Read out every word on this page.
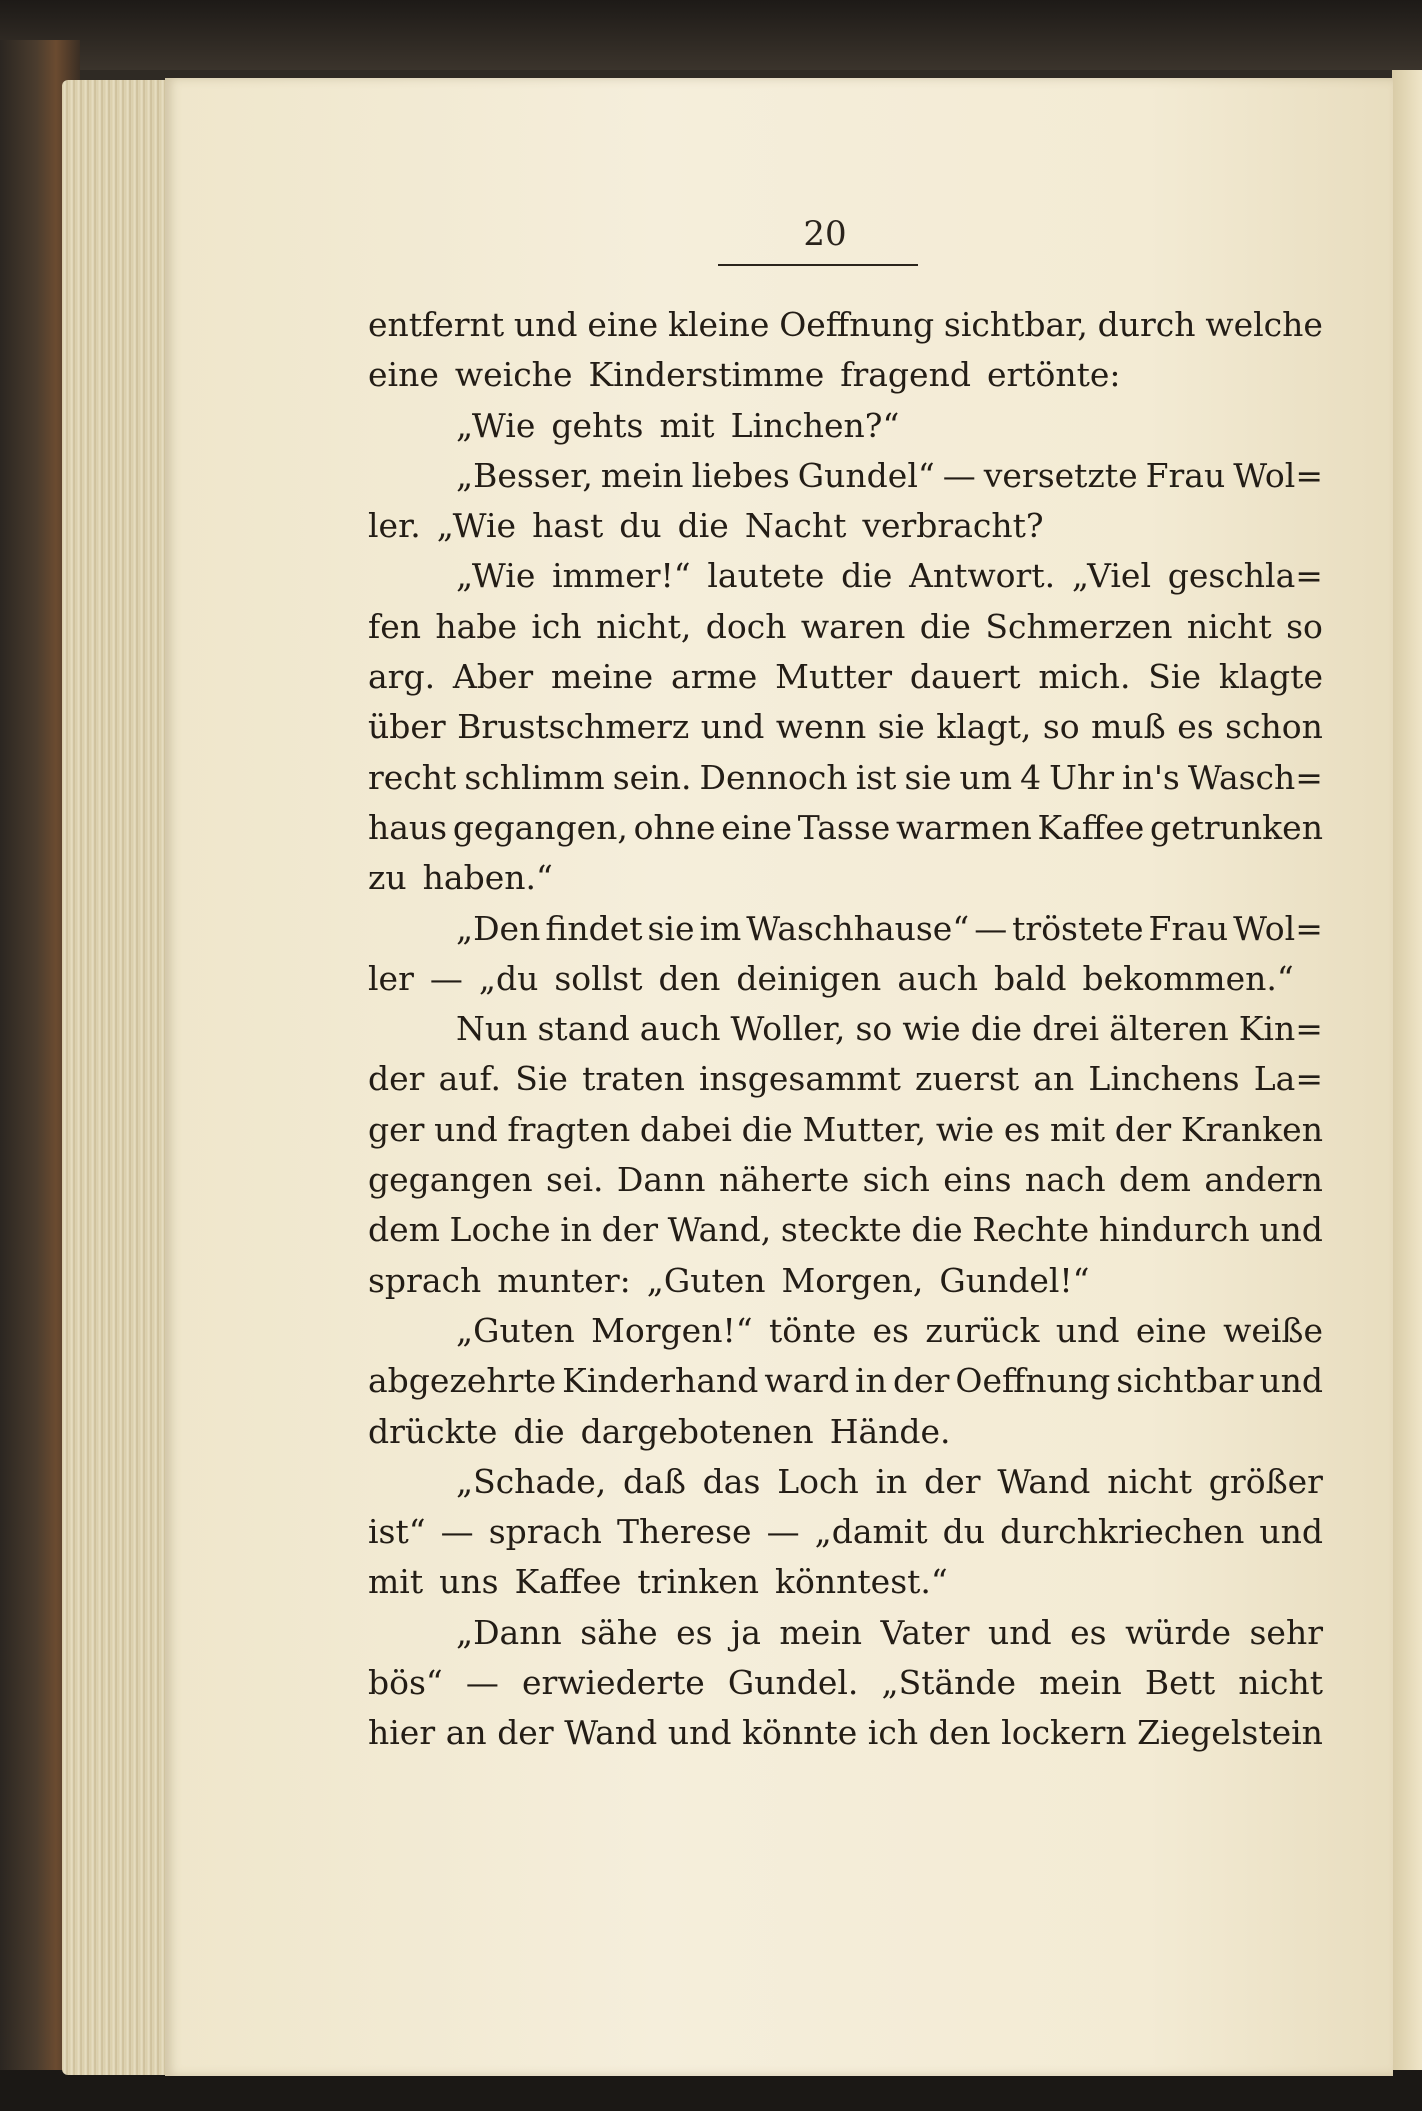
20
entfernt und eine kleine Oeffnung sichtbar, durch welche
eine weiche Kinderstimme fragend ertönte:
„Wie gehts mit Linchen?“
„Besser, mein liebes Gundel“ — versetzte Frau Wol=
ler. „Wie hast du die Nacht verbracht?
„Wie immer!“ lautete die Antwort. „Viel geschla=
fen habe ich nicht, doch waren die Schmerzen nicht so
arg. Aber meine arme Mutter dauert mich. Sie klagte
über Brustschmerz und wenn sie klagt, so muß es schon
recht schlimm sein. Dennoch ist sie um 4 Uhr in's Wasch=
haus gegangen, ohne eine Tasse warmen Kaffee getrunken
zu haben.“
„Den findet sie im Waschhause“ — tröstete Frau Wol=
ler — „du sollst den deinigen auch bald bekommen.“
Nun stand auch Woller, so wie die drei älteren Kin=
der auf. Sie traten insgesammt zuerst an Linchens La=
ger und fragten dabei die Mutter, wie es mit der Kranken
gegangen sei. Dann näherte sich eins nach dem andern
dem Loche in der Wand, steckte die Rechte hindurch und
sprach munter: „Guten Morgen, Gundel!“
„Guten Morgen!“ tönte es zurück und eine weiße
abgezehrte Kinderhand ward in der Oeffnung sichtbar und
drückte die dargebotenen Hände.
„Schade, daß das Loch in der Wand nicht größer
ist“ — sprach Therese — „damit du durchkriechen und
mit uns Kaffee trinken könntest.“
„Dann sähe es ja mein Vater und es würde sehr
bös“ — erwiederte Gundel. „Stände mein Bett nicht
hier an der Wand und könnte ich den lockern Ziegelstein
